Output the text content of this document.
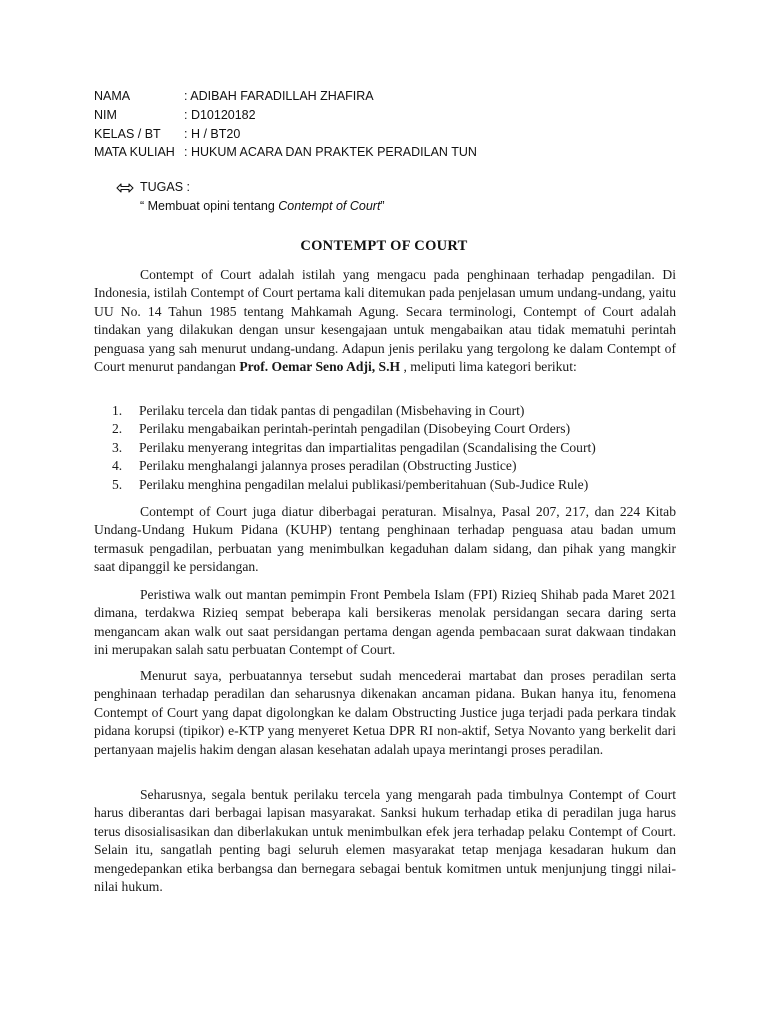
NAMA	: ADIBAH FARADILLAH ZHAFIRA
NIM	: D10120182
KELAS / BT	: H / BT20
MATA KULIAH : HUKUM ACARA DAN PRAKTEK PERADILAN TUN
TUGAS :
“ Membuat opini tentang Contempt of Court”
CONTEMPT OF COURT

Contempt of Court adalah istilah yang mengacu pada penghinaan terhadap pengadilan. Di Indonesia, istilah Contempt of Court pertama kali ditemukan pada penjelasan umum undang-undang, yaitu UU No. 14 Tahun 1985 tentang Mahkamah Agung. Secara terminologi, Contempt of Court adalah tindakan yang dilakukan dengan unsur kesengajaan untuk mengabaikan atau tidak mematuhi perintah penguasa yang sah menurut undang-undang. Adapun jenis perilaku yang tergolong ke dalam Contempt of Court menurut pandangan Prof. Oemar Seno Adji, S.H , meliputi lima kategori berikut:

1.	Perilaku tercela dan tidak pantas di pengadilan (Misbehaving in Court)
2.	Perilaku mengabaikan perintah-perintah pengadilan (Disobeying Court Orders)
3.	Perilaku menyerang integritas dan impartialitas pengadilan (Scandalising the Court)
4.	Perilaku menghalangi jalannya proses peradilan (Obstructing Justice)
5.	Perilaku menghina pengadilan melalui publikasi/pemberitahuan (Sub-Judice Rule)

Contempt of Court juga diatur diberbagai peraturan. Misalnya, Pasal 207, 217, dan 224 Kitab Undang-Undang Hukum Pidana (KUHP) tentang penghinaan terhadap penguasa atau badan umum termasuk pengadilan, perbuatan yang menimbulkan kegaduhan dalam sidang, dan pihak yang mangkir saat dipanggil ke persidangan.

Peristiwa walk out mantan pemimpin Front Pembela Islam (FPI) Rizieq Shihab pada Maret 2021 dimana, terdakwa Rizieq sempat beberapa kali bersikeras menolak persidangan secara daring serta mengancam akan walk out saat persidangan pertama dengan agenda pembacaan surat dakwaan tindakan ini merupakan salah satu perbuatan Contempt of Court.

Menurut saya, perbuatannya tersebut sudah mencederai martabat dan proses peradilan serta penghinaan terhadap peradilan dan seharusnya dikenakan ancaman pidana. Bukan hanya itu, fenomena Contempt of Court yang dapat digolongkan ke dalam Obstructing Justice juga terjadi pada perkara tindak pidana korupsi (tipikor) e-KTP yang menyeret Ketua DPR RI non-aktif, Setya Novanto yang berkelit dari pertanyaan majelis hakim dengan alasan kesehatan adalah upaya merintangi proses peradilan.

Seharusnya, segala bentuk perilaku tercela yang mengarah pada timbulnya Contempt of Court harus diberantas dari berbagai lapisan masyarakat. Sanksi hukum terhadap etika di peradilan juga harus terus disosialisasikan dan diberlakukan untuk menimbulkan efek jera terhadap pelaku Contempt of Court. Selain itu, sangatlah penting bagi seluruh elemen masyarakat tetap menjaga kesadaran hukum dan mengedepankan etika berbangsa dan bernegara sebagai bentuk komitmen untuk menjunjung tinggi nilai-nilai hukum.
